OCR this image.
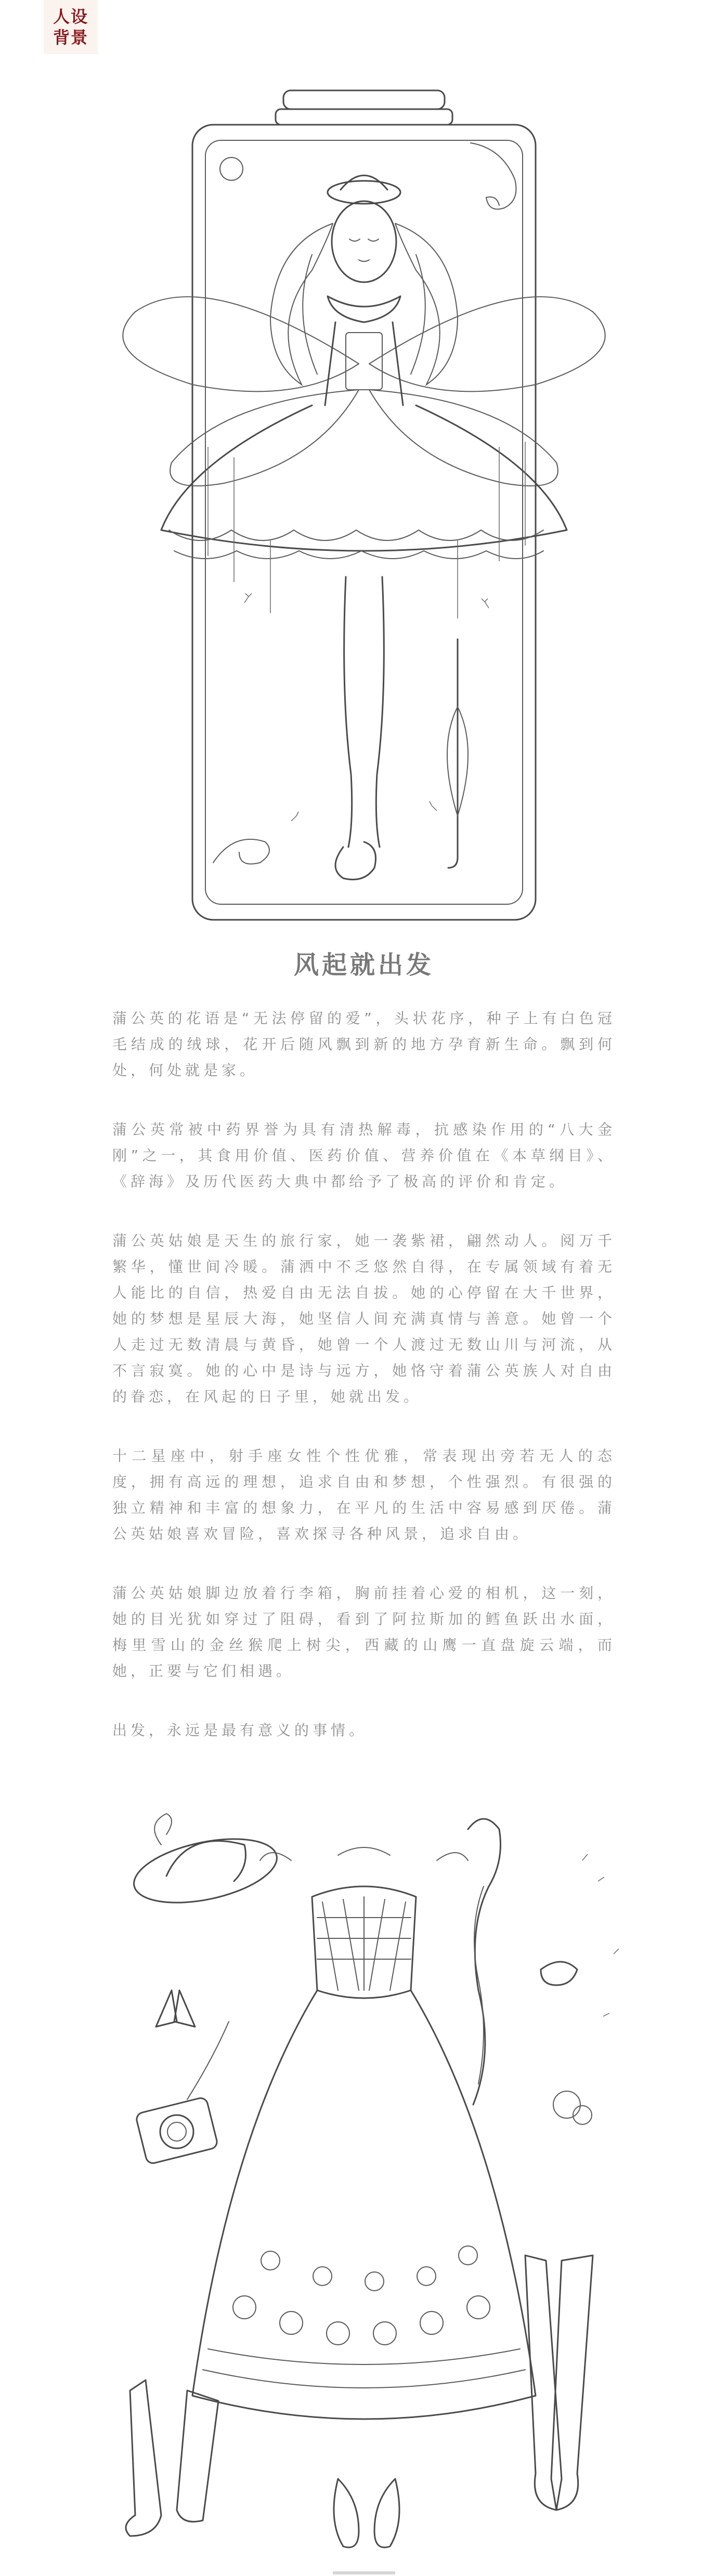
人设
背景
风起就出发

蒲公英的花语是“无法停留的爱”，头状花序，种子上有白色冠毛结成的绒球，花开后随风飘到新的地方孕育新生命。飘到何处，何处就是家。

蒲公英常被中药界誉为具有清热解毒，抗感染作用的“八大金刚”之一，其食用价值、医药价值、营养价值在《本草纲目》、《辞海》及历代医药大典中都给予了极高的评价和肯定。

蒲公英姑娘是天生的旅行家，她一袭紫裙，翩然动人。阅万千繁华，懂世间冷暖。蒲洒中不乏悠然自得，在专属领域有着无人能比的自信，热爱自由无法自拔。她的心停留在大千世界，她的梦想是星辰大海，她坚信人间充满真情与善意。她曾一个人走过无数清晨与黄昏，她曾一个人渡过无数山川与河流，从不言寂寞。她的心中是诗与远方，她恪守着蒲公英族人对自由的眷恋，在风起的日子里，她就出发。

十二星座中，射手座女性个性优雅，常表现出旁若无人的态度，拥有高远的理想，追求自由和梦想，个性强烈。有很强的独立精神和丰富的想象力，在平凡的生活中容易感到厌倦。蒲公英姑娘喜欢冒险，喜欢探寻各种风景，追求自由。

蒲公英姑娘脚边放着行李箱，胸前挂着心爱的相机，这一刻，她的目光犹如穿过了阻碍，看到了阿拉斯加的鳕鱼跃出水面，梅里雪山的金丝猴爬上树尖，西藏的山鹰一直盘旋云端，而她，正要与它们相遇。

出发，永远是最有意义的事情。
